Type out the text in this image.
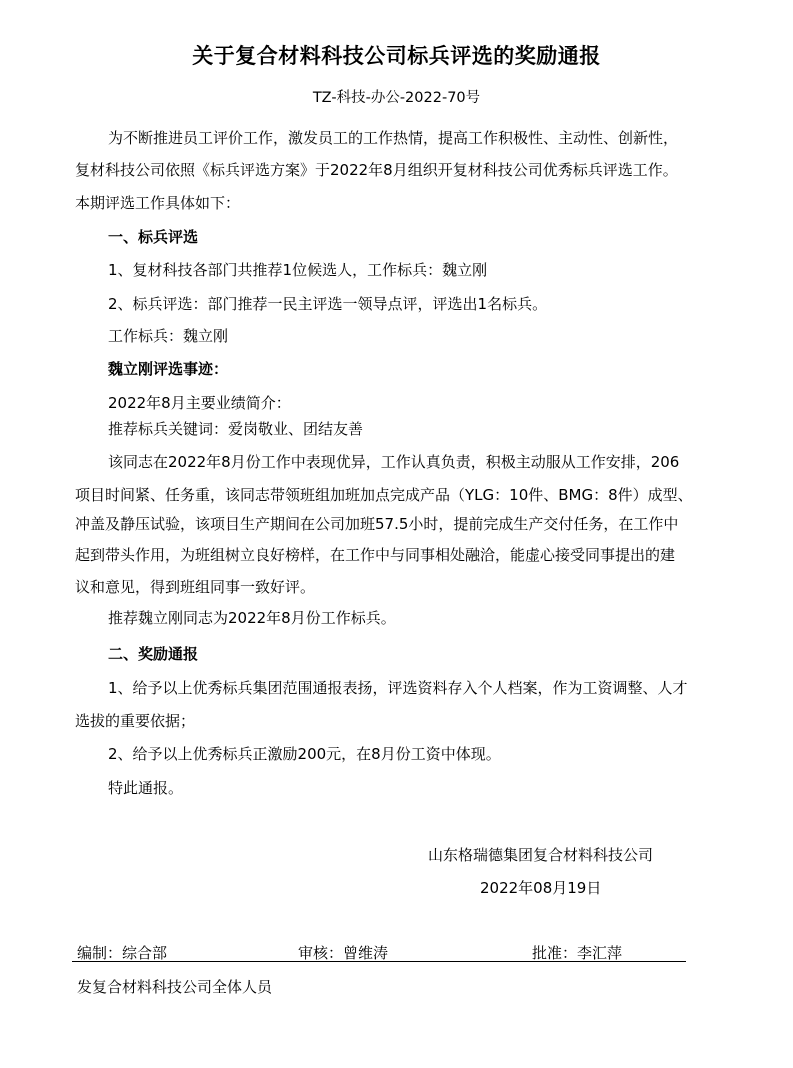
关于复合材料科技公司标兵评选的奖励通报
TZ-科技-办公-2022-70号
为不断推进员工评价工作，激发员工的工作热情，提高工作积极性、主动性、创新性，
复材科技公司依照《标兵评选方案》于2022年8月组织开复材科技公司优秀标兵评选工作。
本期评选工作具体如下：
一、标兵评选
1、复材科技各部门共推荐1位候选人，工作标兵：魏立刚
2、标兵评选：部门推荐一民主评选一领导点评，评选出1名标兵。
工作标兵：魏立刚
魏立刚评选事迹：
2022年8月主要业绩简介：
推荐标兵关键词：爱岗敬业、团结友善
该同志在2022年8月份工作中表现优异，工作认真负责，积极主动服从工作安排，206
项目时间紧、任务重，该同志带领班组加班加点完成产品（YLG：10件、BMG：8件）成型、
冲盖及静压试验，该项目生产期间在公司加班57.5小时，提前完成生产交付任务，在工作中
起到带头作用，为班组树立良好榜样，在工作中与同事相处融洽，能虚心接受同事提出的建
议和意见，得到班组同事一致好评。
推荐魏立刚同志为2022年8月份工作标兵。
二、奖励通报
1、给予以上优秀标兵集团范围通报表扬，评选资料存入个人档案，作为工资调整、人才
选拔的重要依据；
2、给予以上优秀标兵正激励200元，在8月份工资中体现。
特此通报。
山东格瑞德集团复合材料科技公司
2022年08月19日
编制：综合部	审核：曾维涛	批准：李汇萍
发复合材料科技公司全体人员
